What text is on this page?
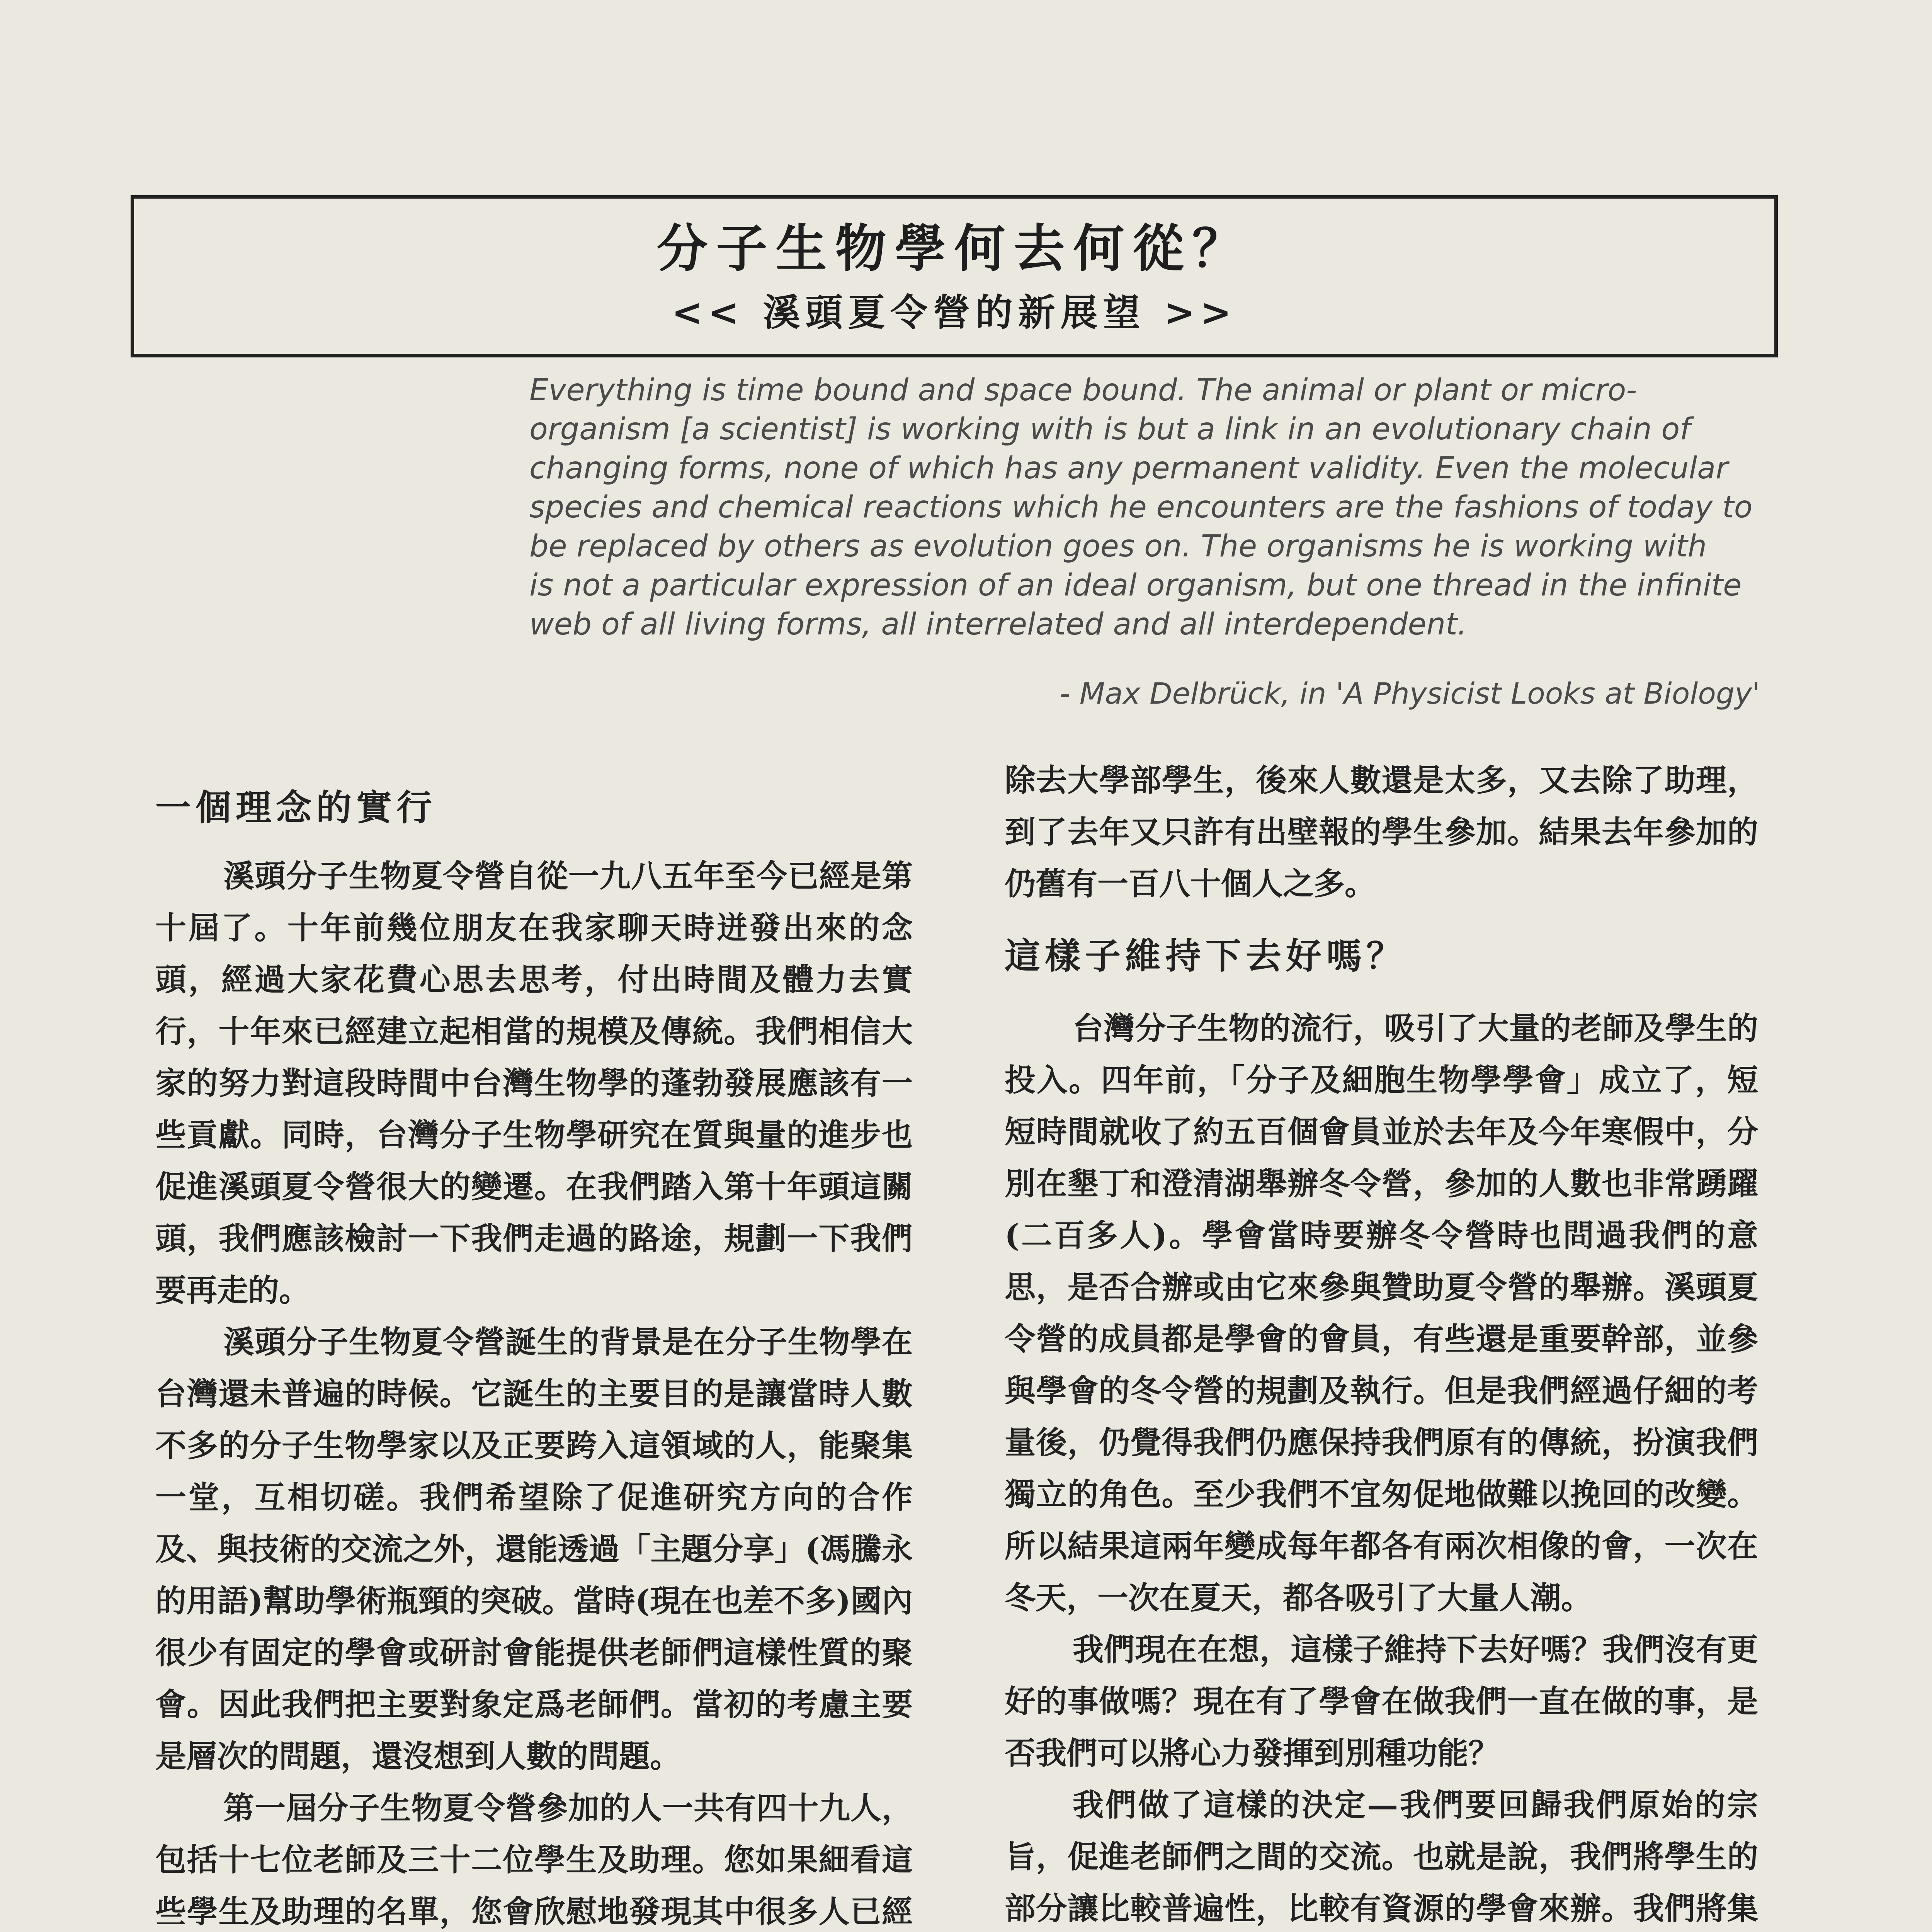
分子生物學何去何從？
<< 溪頭夏令營的新展望 >>

Everything is time bound and space bound. The animal or plant or micro-

organism [a scientist] is working with is but a link in an evolutionary chain of

changing forms, none of which has any permanent validity. Even the molecular

species and chemical reactions which he encounters are the fashions of today to

be replaced by others as evolution goes on. The organisms he is working with

is not a particular expression of an ideal organism, but one thread in the infinite

web of all living forms, all interrelated and all interdependent.

- Max Delbrück, in 'A Physicist Looks at Biology'
一個理念的實行

溪頭分子生物夏令營自從一九八五年至今已經是第十屆了。十年前幾位朋友在我家聊天時迸發出來的念頭，經過大家花費心思去思考，付出時間及體力去實行，十年來已經建立起相當的規模及傳統。我們相信大家的努力對這段時間中台灣生物學的蓬勃發展應該有一些貢獻。同時，台灣分子生物學研究在質與量的進步也促進溪頭夏令營很大的變遷。在我們踏入第十年頭這關頭，我們應該檢討一下我們走過的路途，規劃一下我們要再走的。

溪頭分子生物夏令營誕生的背景是在分子生物學在台灣還未普遍的時候。它誕生的主要目的是讓當時人數不多的分子生物學家以及正要跨入這領域的人，能聚集一堂，互相切磋。我們希望除了促進研究方向的合作及、與技術的交流之外，還能透過「主題分享」(馮騰永的用語)幫助學術瓶頸的突破。當時(現在也差不多)國內很少有固定的學會或研討會能提供老師們這樣性質的聚會。因此我們把主要對象定爲老師們。當初的考慮主要是層次的問題，還沒想到人數的問題。

第一屆分子生物夏令營參加的人一共有四十九人，包括十七位老師及三十二位學生及助理。您如果細看這些學生及助理的名單，您會欣慰地發現其中很多人已經

除去大學部學生，後來人數還是太多，又去除了助理，到了去年又只許有出壁報的學生參加。結果去年參加的仍舊有一百八十個人之多。

這樣子維持下去好嗎？

台灣分子生物的流行，吸引了大量的老師及學生的投入。四年前，「分子及細胞生物學學會」成立了，短短時間就收了約五百個會員並於去年及今年寒假中，分別在墾丁和澄清湖舉辦冬令營，參加的人數也非常踴躍(二百多人)。學會當時要辦冬令營時也問過我們的意思，是否合辦或由它來參與贊助夏令營的舉辦。溪頭夏令營的成員都是學會的會員，有些還是重要幹部，並參與學會的冬令營的規劃及執行。但是我們經過仔細的考量後，仍覺得我們仍應保持我們原有的傳統，扮演我們獨立的角色。至少我們不宜匆促地做難以挽回的改變。所以結果這兩年變成每年都各有兩次相像的會，一次在冬天，一次在夏天，都各吸引了大量人潮。

我們現在在想，這樣子維持下去好嗎？我們沒有更好的事做嗎？現在有了學會在做我們一直在做的事，是否我們可以將心力發揮到別種功能？

我們做了這樣的決定—我們要回歸我們原始的宗旨，促進老師們之間的交流。也就是說，我們將學生的部分讓比較普遍性，比較有資源的學會來辦。我們將集
